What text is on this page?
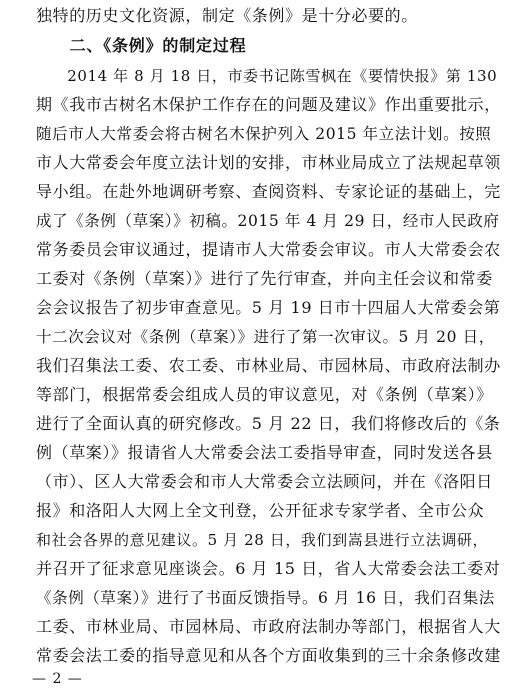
独特的历史文化资源，制定《条例》是十分必要的。
　　二、《条例》的制定过程
　　2014 年 8 月 18 日，市委书记陈雪枫在《要情快报》第 130
期《我市古树名木保护工作存在的问题及建议》作出重要批示，
随后市人大常委会将古树名木保护列入 2015 年立法计划。按照
市人大常委会年度立法计划的安排，市林业局成立了法规起草领
导小组。在赴外地调研考察、查阅资料、专家论证的基础上，完
成了《条例（草案）》初稿。2015 年 4 月 29 日，经市人民政府
常务委员会审议通过，提请市人大常委会审议。市人大常委会农
工委对《条例（草案）》进行了先行审查，并向主任会议和常委
会会议报告了初步审查意见。5 月 19 日市十四届人大常委会第
十二次会议对《条例（草案）》进行了第一次审议。5 月 20 日，
我们召集法工委、农工委、市林业局、市园林局、市政府法制办
等部门，根据常委会组成人员的审议意见，对《条例（草案）》
进行了全面认真的研究修改。5 月 22 日，我们将修改后的《条
例（草案）》报请省人大常委会法工委指导审查，同时发送各县
（市）、区人大常委会和市人大常委会立法顾问，并在《洛阳日
报》和洛阳人大网上全文刊登，公开征求专家学者、全市公众
和社会各界的意见建议。5 月 28 日，我们到嵩县进行立法调研，
并召开了征求意见座谈会。6 月 15 日，省人大常委会法工委对
《条例（草案）》进行了书面反馈指导。6 月 16 日，我们召集法
工委、市林业局、市园林局、市政府法制办等部门，根据省人大
常委会法工委的指导意见和从各个方面收集到的三十余条修改建
— 2 —
